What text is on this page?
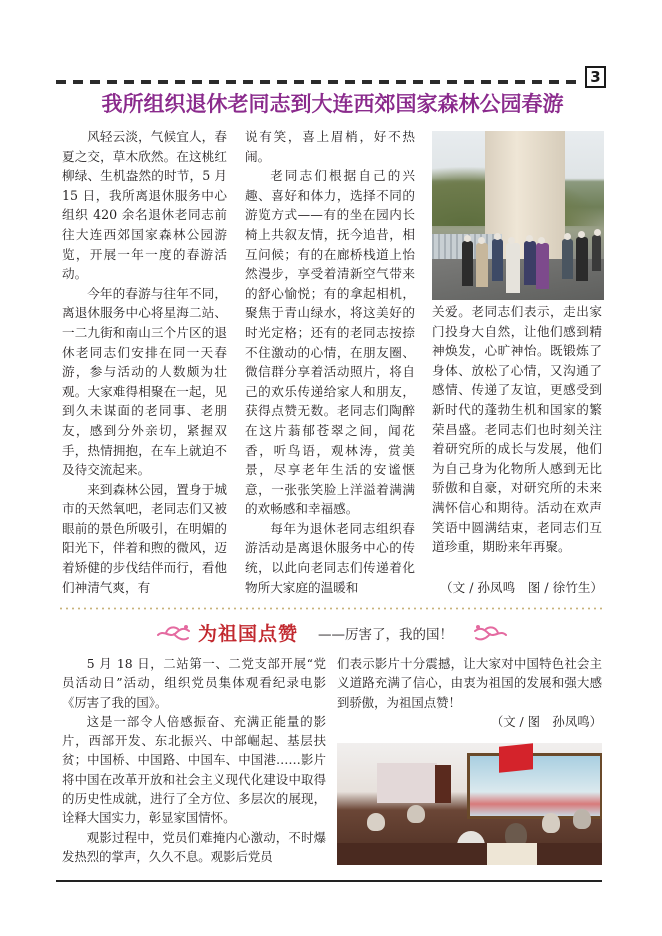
3
我所组织退休老同志到大连西郊国家森林公园春游

风轻云淡，气候宜人，春夏之交，草木欣然。在这桃红柳绿、生机盎然的时节，5 月 15 日，我所离退休服务中心组织 420 余名退休老同志前往大连西郊国家森林公园游览，开展一年一度的春游活动。

今年的春游与往年不同，离退休服务中心将星海二站、一二九街和南山三个片区的退休老同志们安排在同一天春游，参与活动的人数颇为壮观。大家难得相聚在一起，见到久未谋面的老同事、老朋友，感到分外亲切，紧握双手，热情拥抱，在车上就迫不及待交流起来。

来到森林公园，置身于城市的天然氧吧，老同志们又被眼前的景色所吸引，在明媚的阳光下，伴着和煦的微风，迈着矫健的步伐结伴而行，看他们神清气爽，有

说有笑，喜上眉梢，好不热闹。

老同志们根据自己的兴趣、喜好和体力，选择不同的游览方式——有的坐在园内长椅上共叙友情，抚今追昔，相互问候；有的在廊桥栈道上怡然漫步，享受着清新空气带来的舒心愉悦；有的拿起相机，聚焦于青山绿水，将这美好的时光定格；还有的老同志按捺不住激动的心情，在朋友圈、微信群分享着活动照片，将自己的欢乐传递给家人和朋友，获得点赞无数。老同志们陶醉在这片蓊郁苍翠之间，闻花香，听鸟语，观林涛，赏美景，尽享老年生活的安谧惬意，一张张笑脸上洋溢着满满的欢畅感和幸福感。

每年为退休老同志组织春游活动是离退休服务中心的传统，以此向老同志们传递着化物所大家庭的温暖和

关爱。老同志们表示，走出家门投身大自然，让他们感到精神焕发，心旷神怡。既锻炼了身体、放松了心情，又沟通了感情、传递了友谊，更感受到新时代的蓬勃生机和国家的繁荣昌盛。老同志们也时刻关注着研究所的成长与发展，他们为自己身为化物所人感到无比骄傲和自豪，对研究所的未来满怀信心和期待。活动在欢声笑语中圆满结束，老同志们互道珍重，期盼来年再聚。

（文 / 孙凤鸣　图 / 徐竹生）
为祖国点赞 ——厉害了，我的国！

5 月 18 日，二站第一、二党支部开展“党员活动日”活动，组织党员集体观看纪录电影《厉害了我的国》。

这是一部令人倍感振奋、充满正能量的影片，西部开发、东北振兴、中部崛起、基层扶贫；中国桥、中国路、中国车、中国港……影片将中国在改革开放和社会主义现代化建设中取得的历史性成就，进行了全方位、多层次的展现，诠释大国实力，彰显家国情怀。

观影过程中，党员们难掩内心激动，不时爆发热烈的掌声，久久不息。观影后党员

们表示影片十分震撼，让大家对中国特色社会主义道路充满了信心，由衷为祖国的发展和强大感到骄傲，为祖国点赞！

（文 / 图　孙凤鸣）
